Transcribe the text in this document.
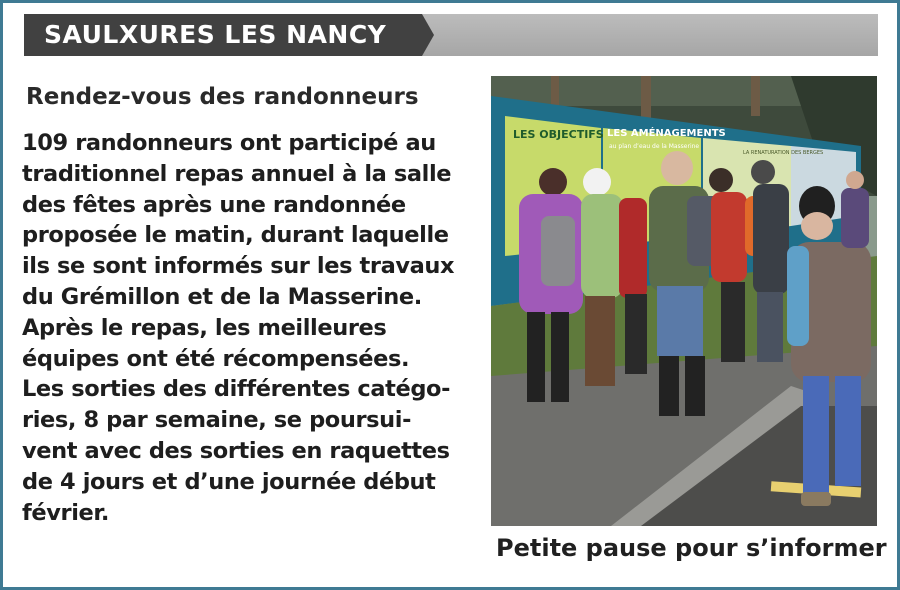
SAULXURES LES NANCY
Rendez-vous des randonneurs
109 randonneurs ont participé au
traditionnel repas annuel à la salle
des fêtes après une randonnée
proposée le matin, durant laquelle
ils se sont informés sur les travaux
du Grémillon et de la Masserine.
Après le repas, les meilleures
équipes ont été récompensées.
Les sorties des différentes catégo-
ries, 8 par semaine, se poursui-
vent avec des sorties en raquettes
de 4 jours et d’une journée début
février.
LES OBJECTIFS LES AMÉNAGEMENTS
au plan d’eau de la Masserine
LA RENATURATION DES BERGES
Petite pause pour s’informer
